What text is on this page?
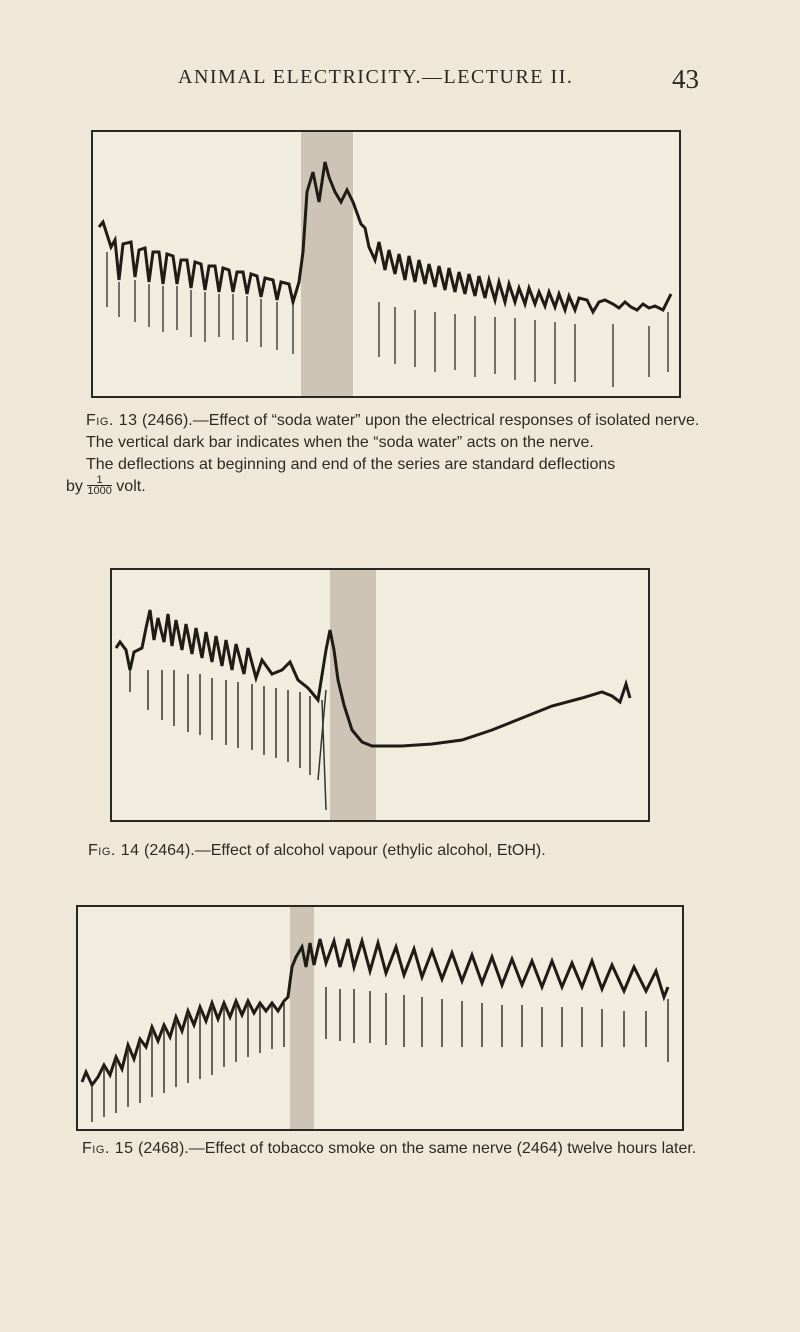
ANIMAL ELECTRICITY.—LECTURE II.	43
Fig. 13 (2466).—Effect of “soda water” upon the electrical responses of isolated nerve.
The vertical dark bar indicates when the “soda water” acts on the nerve.
The deflections at beginning and end of the series are standard deflections
by $\frac{1}{1000}$ volt.
Fig. 14 (2464).—Effect of alcohol vapour (ethylic alcohol, EtOH).
Fig. 15 (2468).—Effect of tobacco smoke on the same nerve (2464) twelve hours later.
